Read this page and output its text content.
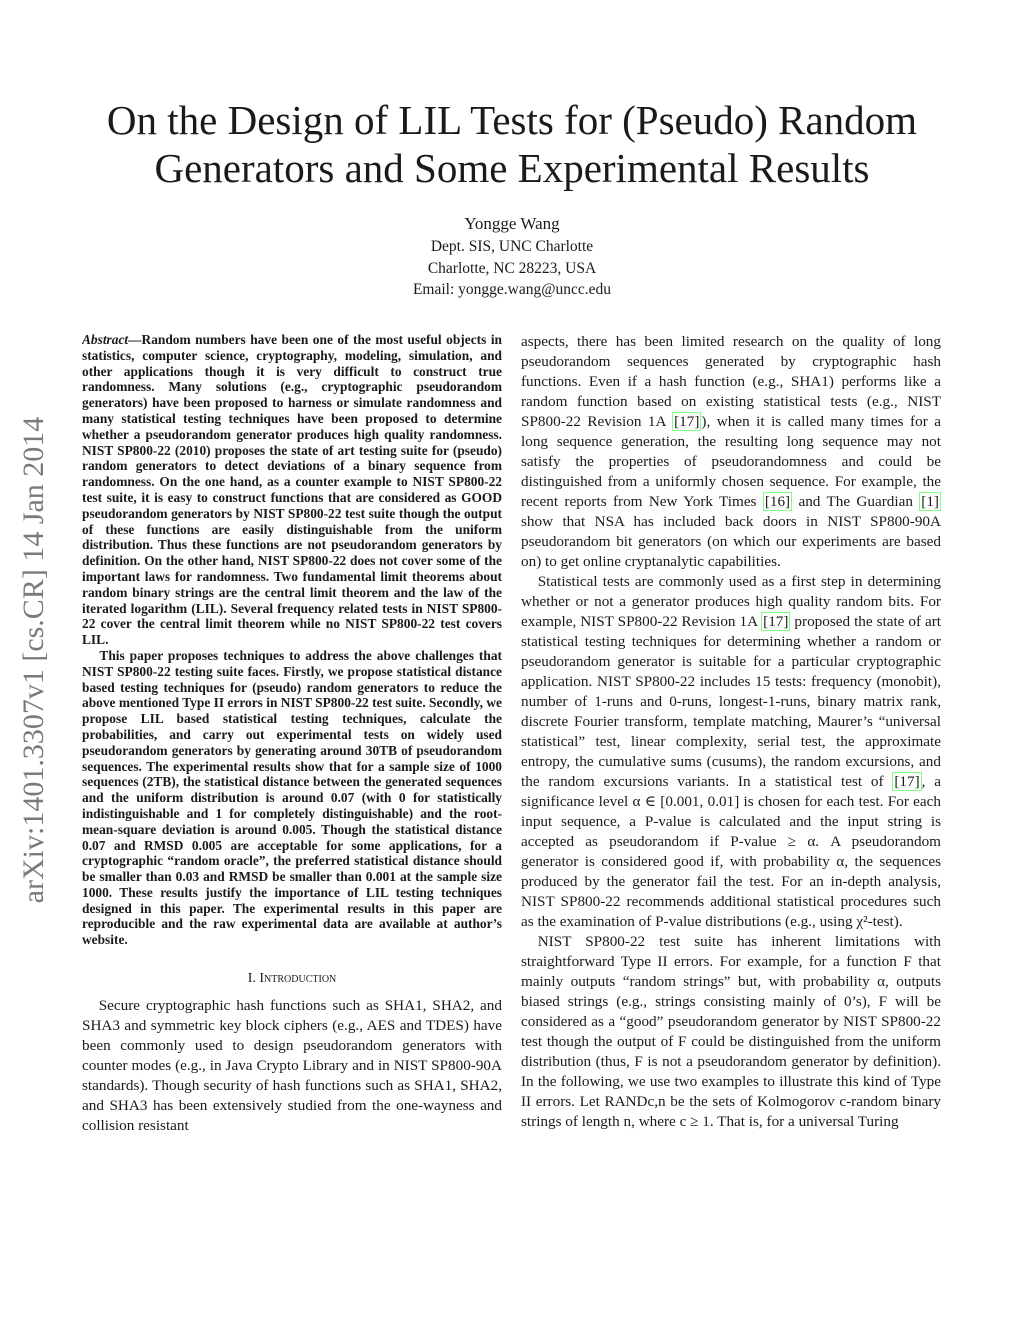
On the Design of LIL Tests for (Pseudo) Random Generators and Some Experimental Results
Yongge Wang
Dept. SIS, UNC Charlotte
Charlotte, NC 28223, USA
Email: yongge.wang@uncc.edu
arXiv:1401.3307v1 [cs.CR] 14 Jan 2014

Abstract—Random numbers have been one of the most useful objects in statistics, computer science, cryptography, modeling, simulation, and other applications though it is very difficult to construct true randomness. Many solutions (e.g., cryptographic pseudorandom generators) have been proposed to harness or simulate randomness and many statistical testing techniques have been proposed to determine whether a pseudorandom generator produces high quality randomness. NIST SP800-22 (2010) proposes the state of art testing suite for (pseudo) random generators to detect deviations of a binary sequence from randomness. On the one hand, as a counter example to NIST SP800-22 test suite, it is easy to construct functions that are considered as GOOD pseudorandom generators by NIST SP800-22 test suite though the output of these functions are easily distinguishable from the uniform distribution. Thus these functions are not pseudorandom generators by definition. On the other hand, NIST SP800-22 does not cover some of the important laws for randomness. Two fundamental limit theorems about random binary strings are the central limit theorem and the law of the iterated logarithm (LIL). Several frequency related tests in NIST SP800-22 cover the central limit theorem while no NIST SP800-22 test covers LIL.

This paper proposes techniques to address the above challenges that NIST SP800-22 testing suite faces. Firstly, we propose statistical distance based testing techniques for (pseudo) random generators to reduce the above mentioned Type II errors in NIST SP800-22 test suite. Secondly, we propose LIL based statistical testing techniques, calculate the probabilities, and carry out experimental tests on widely used pseudorandom generators by generating around 30TB of pseudorandom sequences. The experimental results show that for a sample size of 1000 sequences (2TB), the statistical distance between the generated sequences and the uniform distribution is around 0.07 (with 0 for statistically indistinguishable and 1 for completely distinguishable) and the root-mean-square deviation is around 0.005. Though the statistical distance 0.07 and RMSD 0.005 are acceptable for some applications, for a cryptographic “random oracle”, the preferred statistical distance should be smaller than 0.03 and RMSD be smaller than 0.001 at the sample size 1000. These results justify the importance of LIL testing techniques designed in this paper. The experimental results in this paper are reproducible and the raw experimental data are available at author’s website.

I. Introduction

Secure cryptographic hash functions such as SHA1, SHA2, and SHA3 and symmetric key block ciphers (e.g., AES and TDES) have been commonly used to design pseudorandom generators with counter modes (e.g., in Java Crypto Library and in NIST SP800-90A standards). Though security of hash functions such as SHA1, SHA2, and SHA3 has been extensively studied from the one-wayness and collision resistant

aspects, there has been limited research on the quality of long pseudorandom sequences generated by cryptographic hash functions. Even if a hash function (e.g., SHA1) performs like a random function based on existing statistical tests (e.g., NIST SP800-22 Revision 1A [17] ), when it is called many times for a long sequence generation, the resulting long sequence may not satisfy the properties of pseudorandomness and could be distinguished from a uniformly chosen sequence. For example, the recent reports from New York Times [16] and The Guardian [1] show that NSA has included back doors in NIST SP800-90A pseudorandom bit generators (on which our experiments are based on) to get online cryptanalytic capabilities.

Statistical tests are commonly used as a first step in determining whether or not a generator produces high quality random bits. For example, NIST SP800-22 Revision 1A [17] proposed the state of art statistical testing techniques for determining whether a random or pseudorandom generator is suitable for a particular cryptographic application. NIST SP800-22 includes 15 tests: frequency (monobit), number of 1-runs and 0-runs, longest-1-runs, binary matrix rank, discrete Fourier transform, template matching, Maurer’s “universal statistical” test, linear complexity, serial test, the approximate entropy, the cumulative sums (cusums), the random excursions, and the random excursions variants. In a statistical test of [17] , a significance level α ∈ [0.001, 0.01] is chosen for each test. For each input sequence, a P-value is calculated and the input string is accepted as pseudorandom if P-value ≥ α. A pseudorandom generator is considered good if, with probability α, the sequences produced by the generator fail the test. For an in-depth analysis, NIST SP800-22 recommends additional statistical procedures such as the examination of P-value distributions (e.g., using χ²-test).

NIST SP800-22 test suite has inherent limitations with straightforward Type II errors. For example, for a function F that mainly outputs “random strings” but, with probability α, outputs biased strings (e.g., strings consisting mainly of 0’s), F will be considered as a “good” pseudorandom generator by NIST SP800-22 test though the output of F could be distinguished from the uniform distribution (thus, F is not a pseudorandom generator by definition). In the following, we use two examples to illustrate this kind of Type II errors. Let RANDc,n be the sets of Kolmogorov c-random binary strings of length n, where c ≥ 1. That is, for a universal Turing
